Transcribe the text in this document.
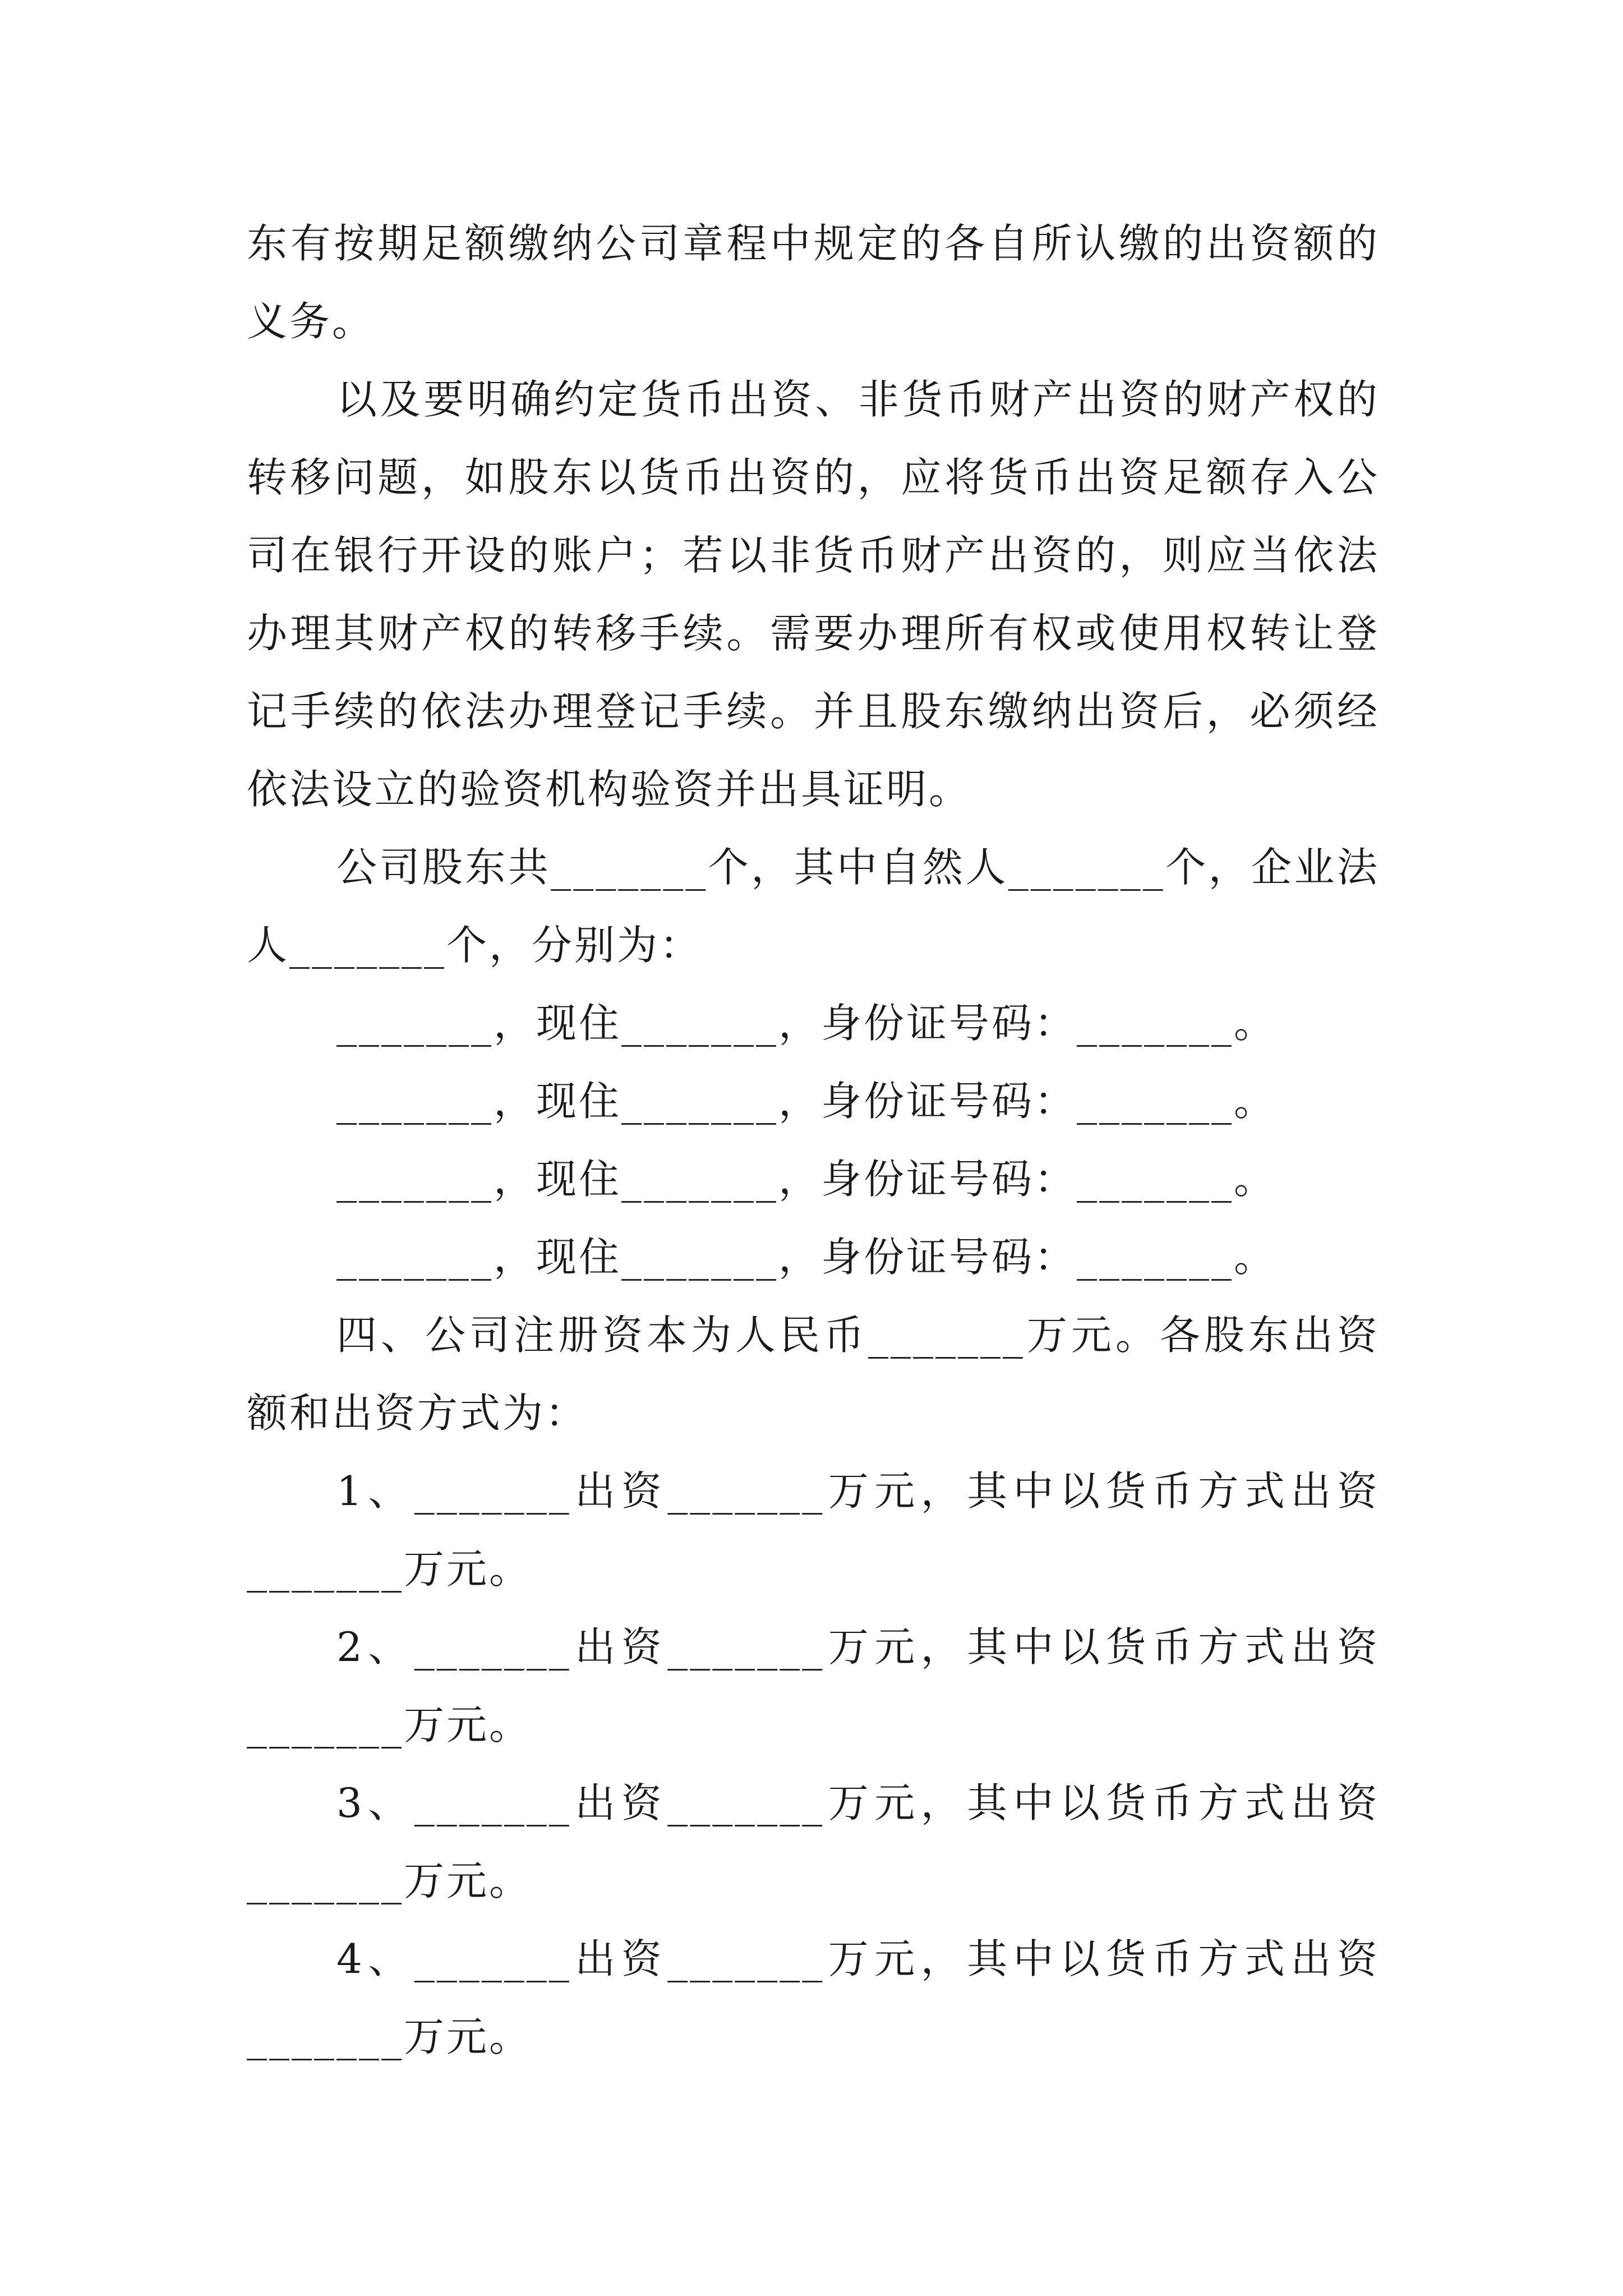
东有按期足额缴纳公司章程中规定的各自所认缴的出资额的义务。

以及要明确约定货币出资、非货币财产出资的财产权的转移问题，如股东以货币出资的，应将货币出资足额存入公司在银行开设的账户；若以非货币财产出资的，则应当依法办理其财产权的转移手续。需要办理所有权或使用权转让登记手续的依法办理登记手续。并且股东缴纳出资后，必须经依法设立的验资机构验资并出具证明。

公司股东共_______个，其中自然人_______个，企业法人_______个，分别为：

_______，现住_______，身份证号码：_______。

_______，现住_______，身份证号码：_______。

_______，现住_______，身份证号码：_______。

_______，现住_______，身份证号码：_______。

四、公司注册资本为人民币_______万元。各股东出资额和出资方式为：

1、_______出资_______万元，其中以货币方式出资_______万元。

2、_______出资_______万元，其中以货币方式出资_______万元。

3、_______出资_______万元，其中以货币方式出资_______万元。

4、_______出资_______万元，其中以货币方式出资_______万元。
